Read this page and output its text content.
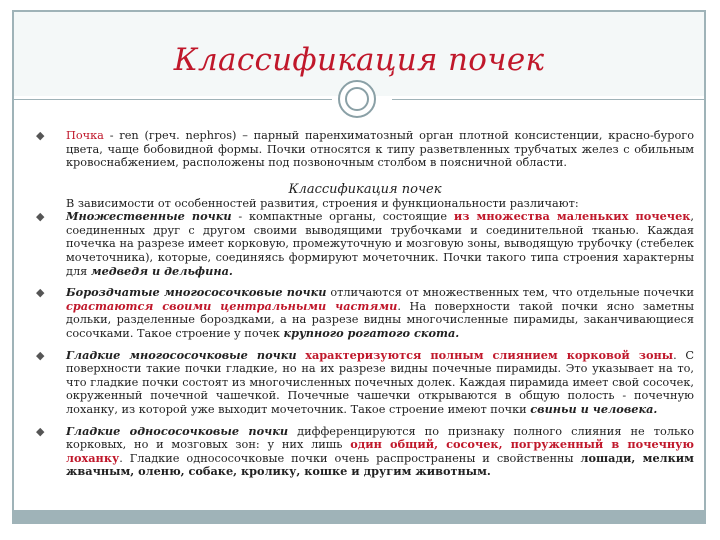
Классификация почек

◆ Почка - ren (греч. nephros) – парный паренхиматозный орган плотной консистенции, красно-бурого цвета, чаще бобовидной формы. Почки относятся к типу разветвленных трубчатых желез с обильным кровоснабжением, расположены под позвоночным столбом в поясничной области.

Классификация почек
В зависимости от особенностей развития, строения и функциональности различают:

◆ Множественные почки - компактные органы, состоящие из множества маленьких почечек, соединенных друг с другом своими выводящими трубочками и соединительной тканью. Каждая почечка на разрезе имеет корковую, промежуточную и мозговую зоны, выводящую трубочку (стебелек мочеточника), которые, соединяясь формируют мочеточник. Почки такого типа строения характерны для медведя и дельфина.

◆ Бороздчатые многососочковые почки отличаются от множественных тем, что отдельные почечки срастаются своими центральными частями. На поверхности такой почки ясно заметны дольки, разделенные бороздками, а на разрезе видны многочисленные пирамиды, заканчивающиеся сосочками. Такое строение у почек крупного рогатого скота.

◆ Гладкие многососочковые почки характеризуются полным слиянием корковой зоны. С поверхности такие почки гладкие, но на их разрезе видны почечные пирамиды. Это указывает на то, что гладкие почки состоят из многочисленных почечных долек. Каждая пирамида имеет свой сосочек, окруженный почечной чашечкой. Почечные чашечки открываются в общую полость - почечную лоханку, из которой уже выходит мочеточник. Такое строение имеют почки свиньи и человека.

◆ Гладкие однососочковые почки дифференцируются по признаку полного слияния не только корковых, но и мозговых зон: у них лишь один общий, сосочек, погруженный в почечную лоханку. Гладкие однососочковые почки очень распространены и свойственны лошади, мелким жвачным, оленю, собаке, кролику, кошке и другим животным.
